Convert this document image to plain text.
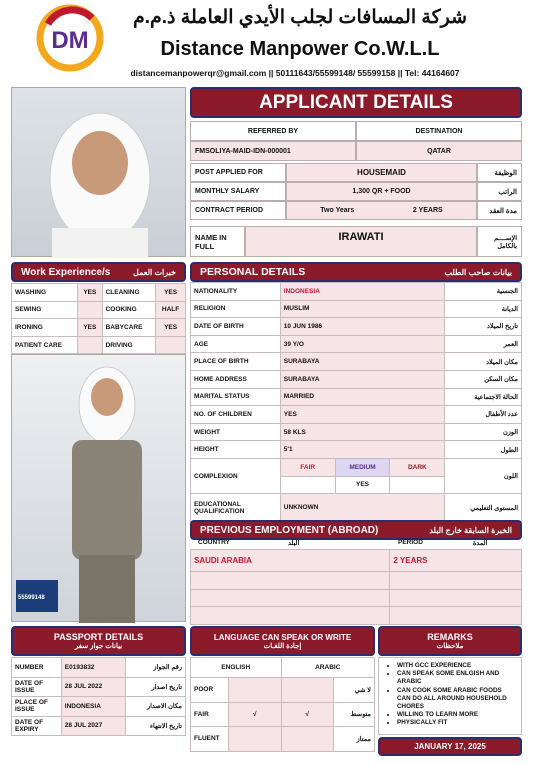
DM
شركة المسافات لجلب الأيدي العاملة ذ.م.م
Distance Manpower Co.W.L.L
distancemanpowerqr@gmail.com || 50111643/55599148/ 55599158 || Tel: 44164607
APPLICANT DETAILS
REFERRED BY	DESTINATION
FMSOLIYA-MAID-IDN-000001	QATAR
POST APPLIED FOR	HOUSEMAID	الوظيفة
MONTHLY SALARY	1,300 QR + FOOD	الراتب
CONTRACT PERIOD	Two Years	2 YEARS	مدة العقد
NAME IN FULL
IRAWATI	الإســــم بالكامل
Work Experience/s	خبرات العمل
WASHING	YES	CLEANING	YES
SEWING		COOKING	HALF
IRONING	YES	BABYCARE	YES
PATIENT CARE		DRIVING	
PERSONAL DETAILS	بيانات صاحب الطلب
NATIONALITY	INDONESIA			الجنسية
RELIGION	MUSLIM			الديانة
DATE OF BIRTH	10 JUN 1986			تاريخ الميلاد
AGE	39 Y/O			العمر
PLACE OF BIRTH	SURABAYA			مكان الميلاد
HOME ADDRESS	SURABAYA			مكان السكن
MARITAL STATUS	MARRIED			الحالة الاجتماعية
NO. OF CHILDREN	YES			عدد الأطفال
WEIGHT	58 KLS			الوزن
HEIGHT	5'1			الطول
COMPLEXION	FAIR	MEDIUM	DARK	اللون
		YES		
EDUCATIONAL QUALIFICATION	UNKNOWN			المستوى التعليمي
55599148
PREVIOUS EMPLOYMENT (ABROAD)	الخبرة السابقة خارج البلد
COUNTRY	البلد	PERIOD	المدة
SAUDI ARABIA	2 YEARS

PASSPORT DETAILS
بيانات جواز سفر
NUMBER	E0193832	رقم الجواز
DATE OF ISSUE	28 JUL 2022	تاريخ اصدار
PLACE OF ISSUE	INDONESIA	مكان الاصدار
DATE OF EXPIRY	28 JUL 2027	تاريخ الانتهاء
LANGUAGE CAN SPEAK OR WRITE
إجادة اللغـات
ENGLISH		ARABIC	
POOR			لا شي
FAIR	√	√	متوسط
FLUENT			ممتاز
REMARKS
ملاحظات
• WITH GCC EXPERIENCE
• CAN SPEAK SOME ENLGISH AND ARABIC
• CAN COOK SOME ARABIC FOODS CAN DO ALL AROUND HOUSEHOLD CHORES
• WILLING TO LEARN MORE
• PHYSICALLY FIT
JANUARY 17, 2025
